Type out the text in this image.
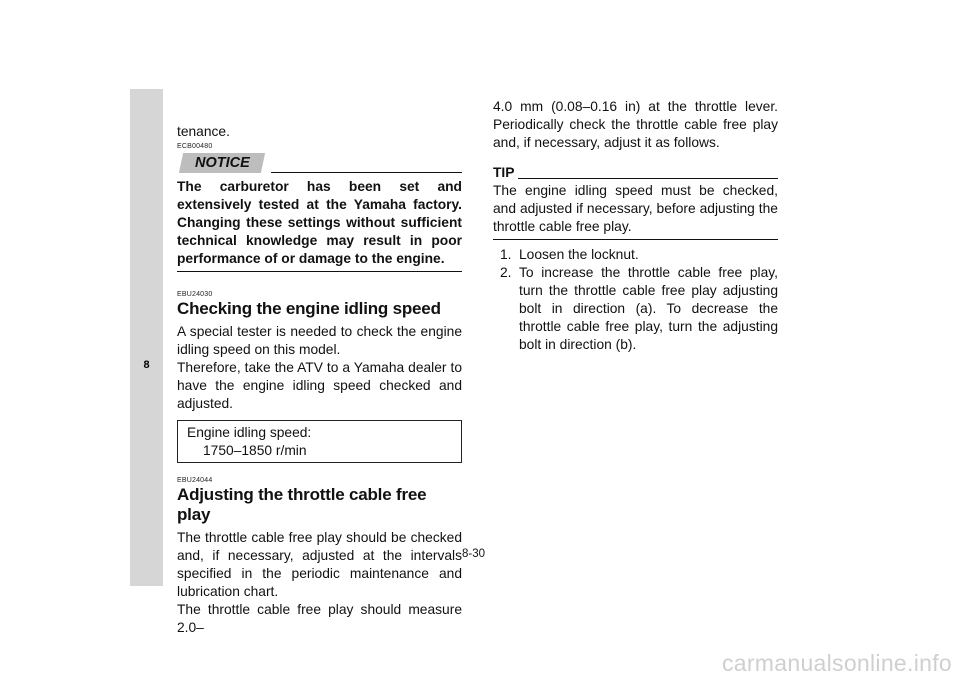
8

tenance.

ECB00480
NOTICE

The carburetor has been set and extensively tested at the Yamaha factory. Changing these settings without sufficient technical knowledge may result in poor performance of or damage to the engine.

EBU24030
Checking the engine idling speed

A special tester is needed to check the engine idling speed on this model.

Therefore, take the ATV to a Yamaha dealer to have the engine idling speed checked and adjusted.

Engine idling speed:
1750–1850 r/min
EBU24044
Adjusting the throttle cable free play

The throttle cable free play should be checked and, if necessary, adjusted at the intervals specified in the periodic maintenance and lubrication chart.

The throttle cable free play should measure 2.0–

4.0 mm (0.08–0.16 in) at the throttle lever. Periodically check the throttle cable free play and, if necessary, adjust it as follows.

TIP

The engine idling speed must be checked, and adjusted if necessary, before adjusting the throttle cable free play.

1. Loosen the locknut.
2. To increase the throttle cable free play, turn the throttle cable free play adjusting bolt in direction (a). To decrease the throttle cable free play, turn the adjusting bolt in direction (b).
8-30
carmanualsonline.info
